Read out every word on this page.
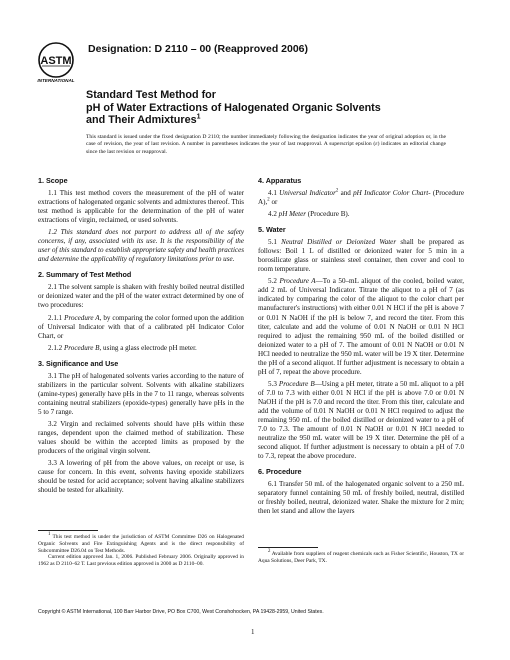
ASTM
INTERNATIONAL
Designation: D 2110 – 00 (Reapproved 2006)
Standard Test Method for
pH of Water Extractions of Halogenated Organic Solvents
and Their Admixtures$^1$
This standard is issued under the fixed designation D 2110; the number immediately following the designation indicates the year of original adoption or, in the case of revision, the year of last revision. A number in parentheses indicates the year of last reapproval. A superscript epsilon (ε) indicates an editorial change since the last revision or reapproval.
1. Scope

1.1 This test method covers the measurement of the pH of water extractions of halogenated organic solvents and admixtures thereof. This test method is applicable for the determination of the pH of water extractions of virgin, reclaimed, or used solvents.

1.2 This standard does not purport to address all of the safety concerns, if any, associated with its use. It is the responsibility of the user of this standard to establish appropriate safety and health practices and determine the applicability of regulatory limitations prior to use.

2. Summary of Test Method

2.1 The solvent sample is shaken with freshly boiled neutral distilled or deionized water and the pH of the water extract determined by one of two procedures:

2.1.1 Procedure A, by comparing the color formed upon the addition of Universal Indicator with that of a calibrated pH Indicator Color Chart, or

2.1.2 Procedure B, using a glass electrode pH meter.

3. Significance and Use

3.1 The pH of halogenated solvents varies according to the nature of stabilizers in the particular solvent. Solvents with alkaline stabilizers (amine-types) generally have pHs in the 7 to 11 range, whereas solvents containing neutral stabilizers (epoxide-types) generally have pHs in the 5 to 7 range.

3.2 Virgin and reclaimed solvents should have pHs within these ranges, dependent upon the claimed method of stabilization. These values should be within the accepted limits as proposed by the producers of the original virgin solvent.

3.3 A lowering of pH from the above values, on receipt or use, is cause for concern. In this event, solvents having epoxide stabilizers should be tested for acid acceptance; solvent having alkaline stabilizers should be tested for alkalinity.

$^1$ This test method is under the jurisdiction of ASTM Committee D26 on Halogenated Organic Solvents and Fire Extinguishing Agents and is the direct responsibility of Subcommittee D26.04 on Test Methods.

Current edition approved Jan. 1, 2006. Published February 2006. Originally approved in 1962 as D 2110–62 T. Last previous edition approved in 2000 as D 2110–00.

4. Apparatus

4.1 Universal Indicator$^2$ and pH Indicator Color Chart- (Procedure A),$^2$ or

4.2 pH Meter (Procedure B).

5. Water

5.1 Neutral Distilled or Deionized Water shall be prepared as follows: Boil 1 L of distilled or deionized water for 5 min in a borosilicate glass or stainless steel container, then cover and cool to room temperature.

5.2 Procedure A—To a 50–mL aliquot of the cooled, boiled water, add 2 mL of Universal Indicator. Titrate the aliquot to a pH of 7 (as indicated by comparing the color of the aliquot to the color chart per manufacturer's instructions) with either 0.01 N HCl if the pH is above 7 or 0.01 N NaOH if the pH is below 7, and record the titer. From this titer, calculate and add the volume of 0.01 N NaOH or 0.01 N HCl required to adjust the remaining 950 mL of the boiled distilled or deionized water to a pH of 7. The amount of 0.01 N NaOH or 0.01 N HCl needed to neutralize the 950 mL water will be 19 X titer. Determine the pH of a second aliquot. If further adjustment is necessary to obtain a pH of 7, repeat the above procedure.

5.3 Procedure B—Using a pH meter, titrate a 50 mL aliquot to a pH of 7.0 to 7.3 with either 0.01 N HCl if the pH is above 7.0 or 0.01 N NaOH if the pH is 7.0 and record the titer. From this titer, calculate and add the volume of 0.01 N NaOH or 0.01 N HCl required to adjust the remaining 950 mL of the boiled distilled or deionized water to a pH of 7.0 to 7.3. The amount of 0.01 N NaOH or 0.01 N HCl needed to neutralize the 950 mL water will be 19 X titer. Determine the pH of a second aliquot. If further adjustment is necessary to obtain a pH of 7.0 to 7.3, repeat the above procedure.

6. Procedure

6.1 Transfer 50 mL of the halogenated organic solvent to a 250 mL separatory funnel containing 50 mL of freshly boiled, neutral, distilled or freshly boiled, neutral, deionized water. Shake the mixture for 2 min; then let stand and allow the layers

$^2$ Available from suppliers of reagent chemicals such as Fisher Scientific, Houston, TX or Aqua Solutions, Deer Park, TX.

Copyright © ASTM International, 100 Barr Harbor Drive, PO Box C700, West Conshohocken, PA 19428-2959, United States.
1
